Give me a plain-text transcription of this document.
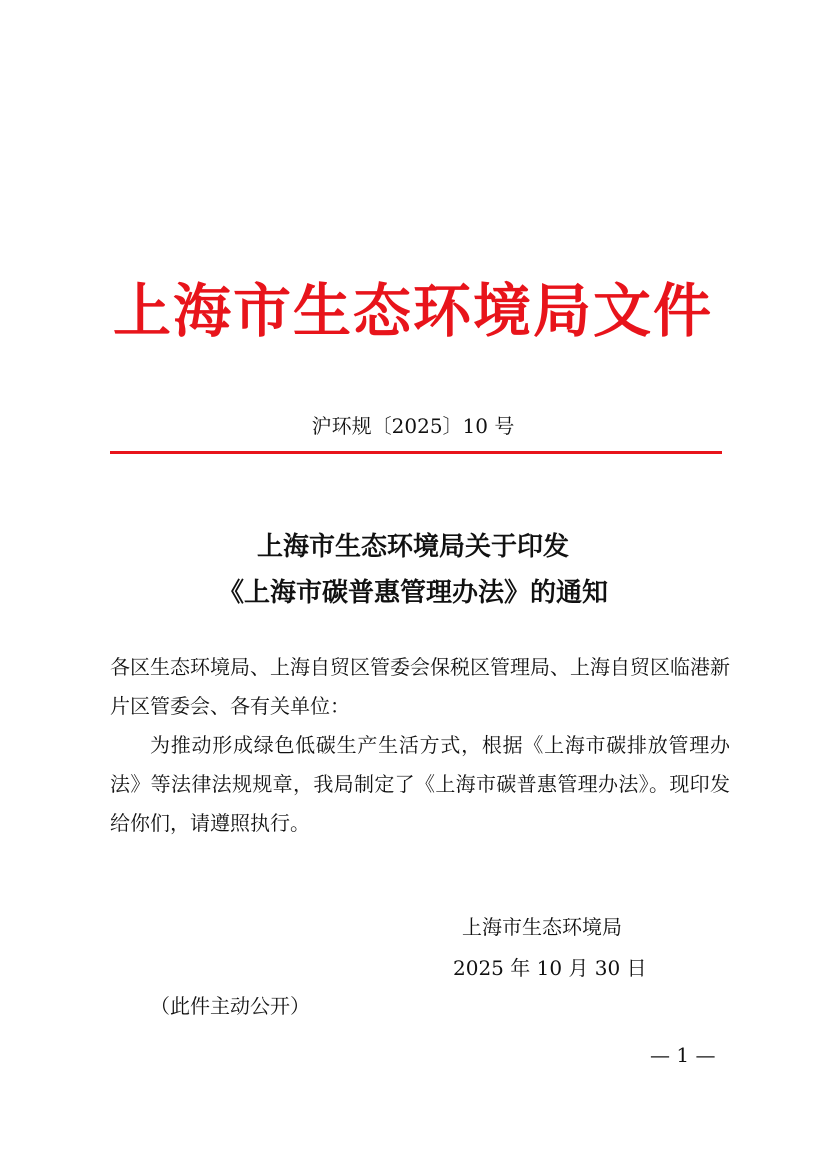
上海市生态环境局文件
沪环规〔2025〕10 号
上海市生态环境局关于印发
《上海市碳普惠管理办法》的通知
各区生态环境局、上海自贸区管委会保税区管理局、上海自贸区临港新片区管委会、各有关单位：
为推动形成绿色低碳生产生活方式，根据《上海市碳排放管理办法》等法律法规规章，我局制定了《上海市碳普惠管理办法》。现印发给你们，请遵照执行。
上海市生态环境局
2025 年 10 月 30 日
（此件主动公开）
— 1 —
